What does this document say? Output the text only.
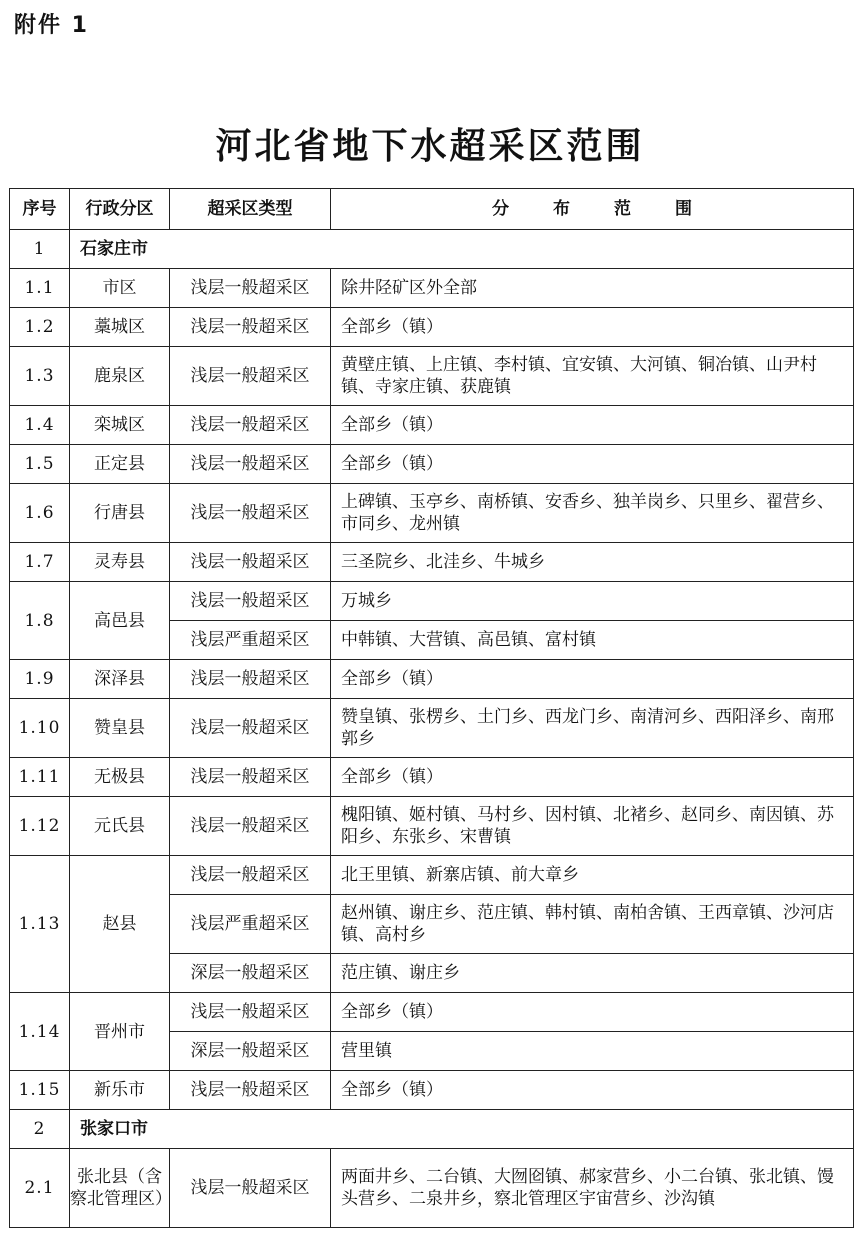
附件 1
河北省地下水超采区范围
序号	行政分区	超采区类型	分布范围
1	石家庄市		
1.1	市区	浅层一般超采区	除井陉矿区外全部
1.2	藁城区	浅层一般超采区	全部乡（镇）
1.3	鹿泉区	浅层一般超采区	黄壁庄镇、上庄镇、李村镇、宜安镇、大河镇、铜冶镇、山尹村镇、寺家庄镇、获鹿镇
1.4	栾城区	浅层一般超采区	全部乡（镇）
1.5	正定县	浅层一般超采区	全部乡（镇）
1.6	行唐县	浅层一般超采区	上碑镇、玉亭乡、南桥镇、安香乡、独羊岗乡、只里乡、翟营乡、市同乡、龙州镇
1.7	灵寿县	浅层一般超采区	三圣院乡、北洼乡、牛城乡
1.8	高邑县	浅层一般超采区	万城乡
		浅层严重超采区	中韩镇、大营镇、高邑镇、富村镇
1.9	深泽县	浅层一般超采区	全部乡（镇）
1.10	赞皇县	浅层一般超采区	赞皇镇、张楞乡、土门乡、西龙门乡、南清河乡、西阳泽乡、南邢郭乡
1.11	无极县	浅层一般超采区	全部乡（镇）
1.12	元氏县	浅层一般超采区	槐阳镇、姬村镇、马村乡、因村镇、北褚乡、赵同乡、南因镇、苏阳乡、东张乡、宋曹镇
1.13	赵县	浅层一般超采区	北王里镇、新寨店镇、前大章乡
		浅层严重超采区	赵州镇、谢庄乡、范庄镇、韩村镇、南柏舍镇、王西章镇、沙河店镇、高村乡
		深层一般超采区	范庄镇、谢庄乡
1.14	晋州市	浅层一般超采区	全部乡（镇）
		深层一般超采区	营里镇
1.15	新乐市	浅层一般超采区	全部乡（镇）
2	张家口市		
2.1	张北县（含察北管理区）	浅层一般超采区	两面井乡、二台镇、大囫囵镇、郝家营乡、小二台镇、张北镇、馒头营乡、二泉井乡，察北管理区宇宙营乡、沙沟镇
